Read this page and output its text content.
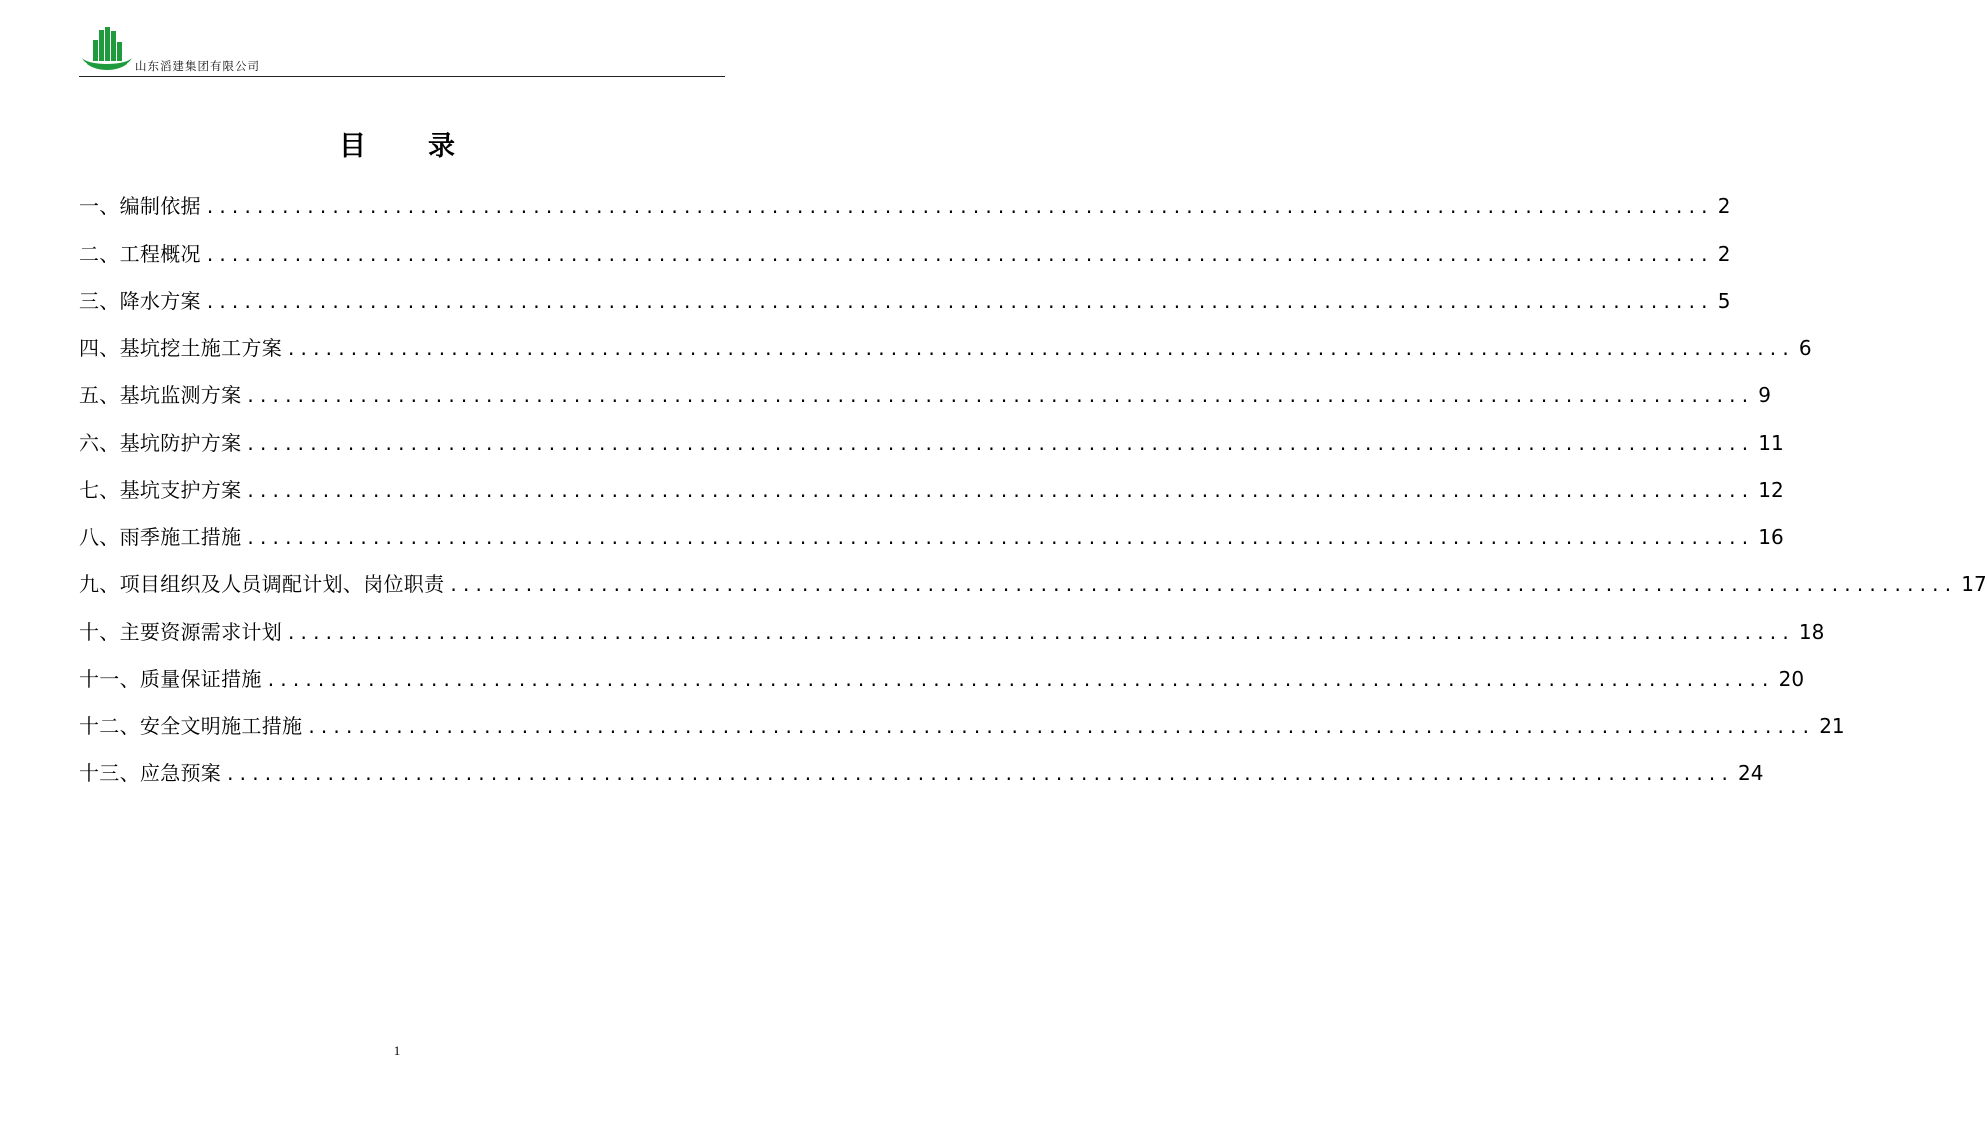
山东滔建集团有限公司
目录
一、编制依据 ........................................................................................................................ 2
二、工程概况 ........................................................................................................................ 2
三、降水方案 ........................................................................................................................ 5
四、基坑挖土施工方案 ........................................................................................................................ 6
五、基坑监测方案 ........................................................................................................................ 9
六、基坑防护方案 ........................................................................................................................ 11
七、基坑支护方案 ........................................................................................................................ 12
八、雨季施工措施 ........................................................................................................................ 16
九、项目组织及人员调配计划、岗位职责 ........................................................................................................................ 17
十、主要资源需求计划 ........................................................................................................................ 18
十一、质量保证措施 ........................................................................................................................ 20
十二、安全文明施工措施 ........................................................................................................................ 21
十三、应急预案 ........................................................................................................................ 24
1
